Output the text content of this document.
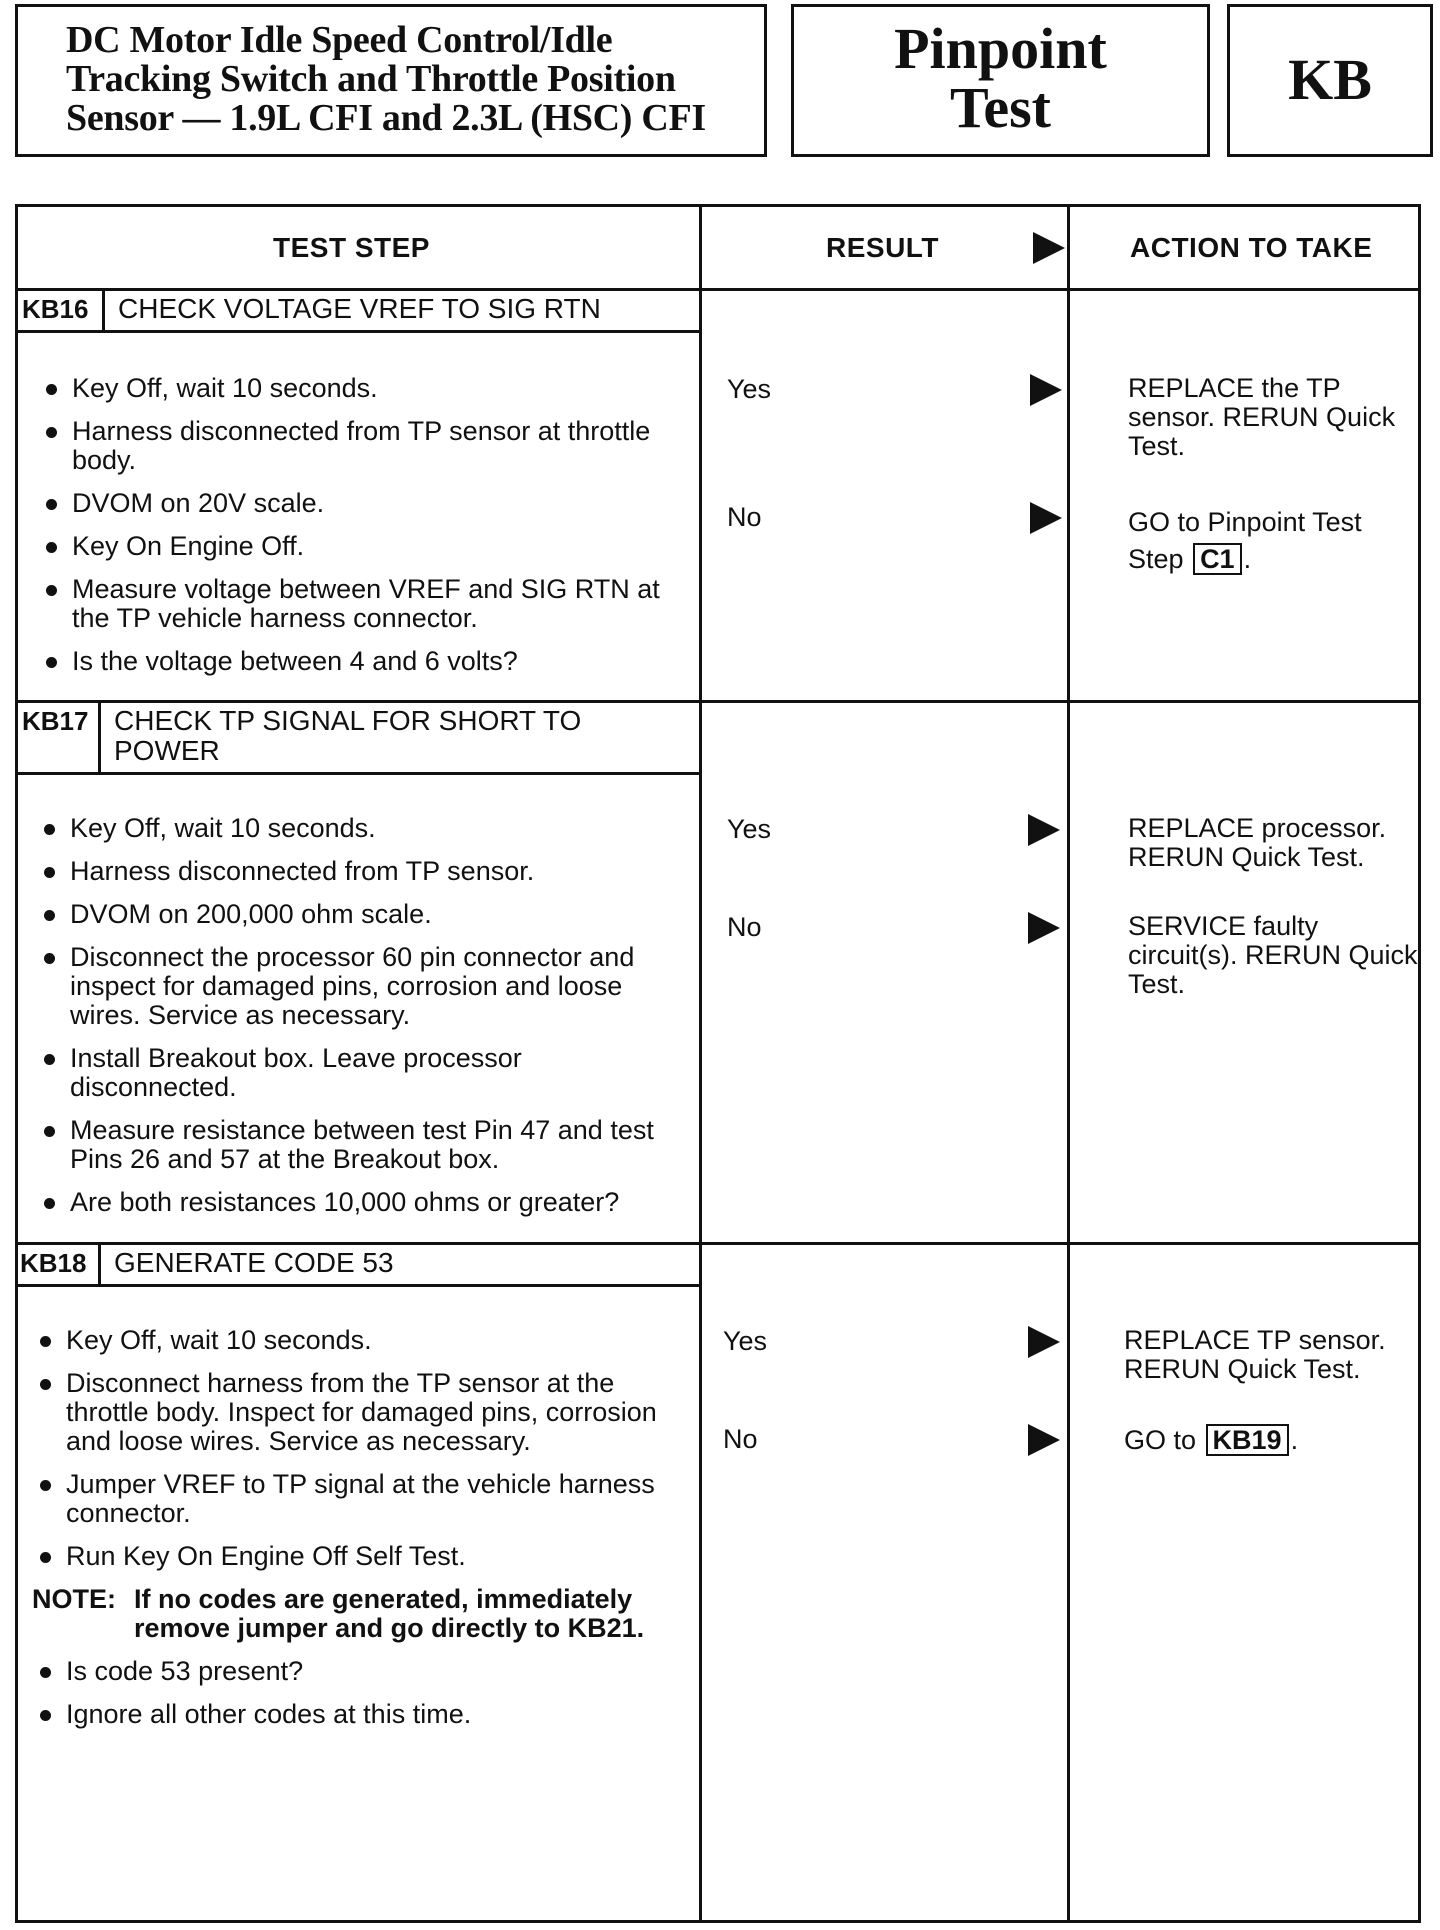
DC Motor Idle Speed Control/Idle
Tracking Switch and Throttle Position
Sensor — 1.9L CFI and 2.3L (HSC) CFI
Pinpoint
Test	KB
TEST STEP	RESULT	ACTION TO TAKE
KB16 CHECK VOLTAGE VREF TO SIG RTN
Key Off, wait 10 seconds.
Harness disconnected from TP sensor at throttle body.
DVOM on 20V scale.
Key On Engine Off.
Measure voltage between VREF and SIG RTN at the TP vehicle harness connector.
Is the voltage between 4 and 6 volts?
Yes	REPLACE the TP sensor. RERUN Quick Test.
No	GO to Pinpoint Test Step C1 .
KB17 CHECK TP SIGNAL FOR SHORT TO
POWER
Key Off, wait 10 seconds.
Harness disconnected from TP sensor.
DVOM on 200,000 ohm scale.
Disconnect the processor 60 pin connector and inspect for damaged pins, corrosion and loose wires. Service as necessary.
Install Breakout box. Leave processor disconnected.
Measure resistance between test Pin 47 and test Pins 26 and 57 at the Breakout box.
Are both resistances 10,000 ohms or greater?
Yes	REPLACE processor. RERUN Quick Test.
No	SERVICE faulty circuit(s). RERUN Quick Test.
KB18 GENERATE CODE 53
Key Off, wait 10 seconds.
Disconnect harness from the TP sensor at the throttle body. Inspect for damaged pins, corrosion and loose wires. Service as necessary.
Jumper VREF to TP signal at the vehicle harness connector.
Run Key On Engine Off Self Test.
NOTE: If no codes are generated, immediately remove jumper and go directly to KB21.
Is code 53 present?
Ignore all other codes at this time.
Yes	REPLACE TP sensor. RERUN Quick Test.
No	GO to KB19 .
